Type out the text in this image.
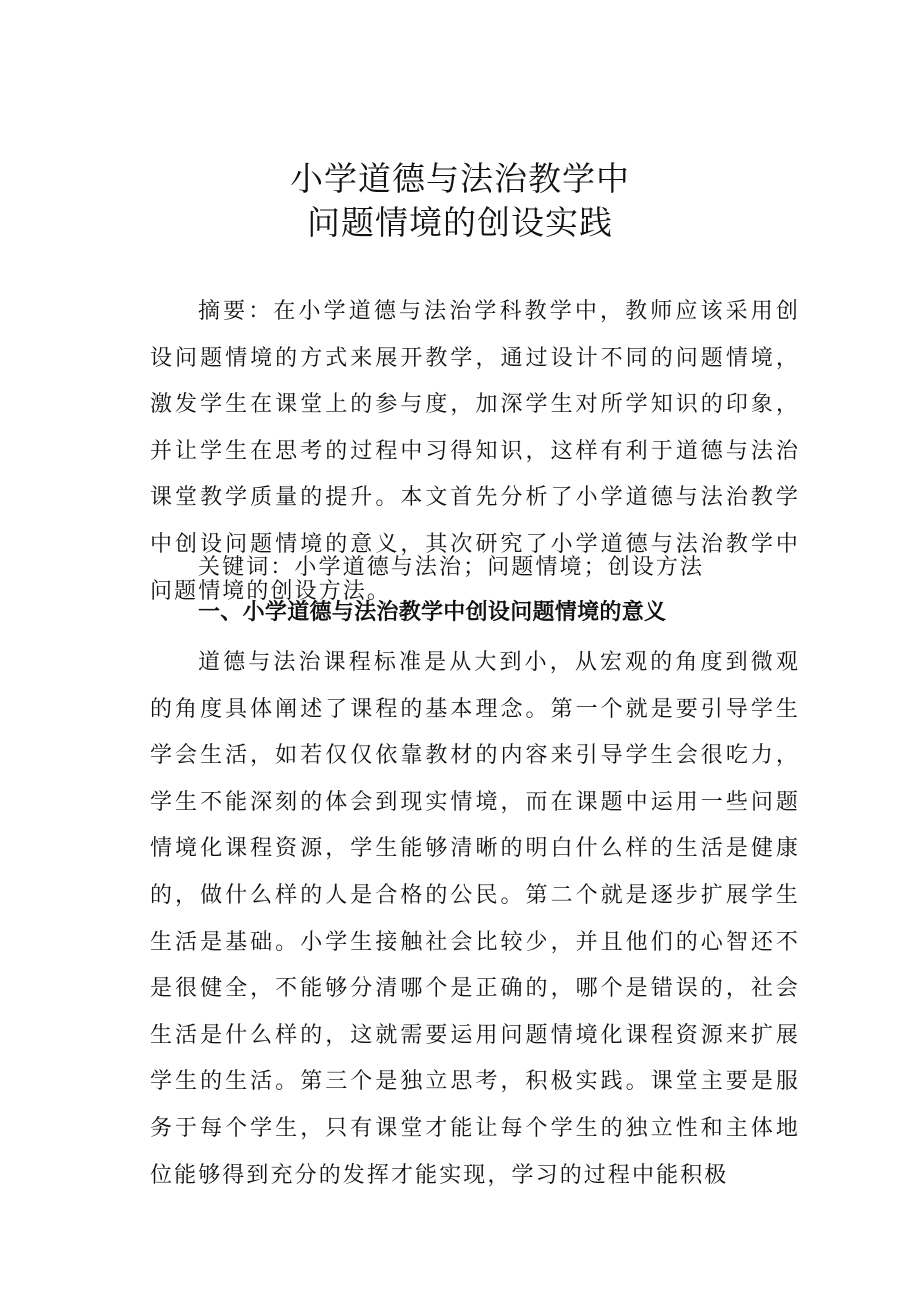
小学道德与法治教学中
问题情境的创设实践

摘要：在小学道德与法治学科教学中，教师应该采用创设问题情境的方式来展开教学，通过设计不同的问题情境，激发学生在课堂上的参与度，加深学生对所学知识的印象，并让学生在思考的过程中习得知识，这样有利于道德与法治课堂教学质量的提升。本文首先分析了小学道德与法治教学中创设问题情境的意义，其次研究了小学道德与法治教学中问题情境的创设方法。

关键词：小学道德与法治；问题情境；创设方法

一、小学道德与法治教学中创设问题情境的意义

道德与法治课程标准是从大到小，从宏观的角度到微观的角度具体阐述了课程的基本理念。第一个就是要引导学生学会生活，如若仅仅依靠教材的内容来引导学生会很吃力，学生不能深刻的体会到现实情境，而在课题中运用一些问题情境化课程资源，学生能够清晰的明白什么样的生活是健康的，做什么样的人是合格的公民。第二个就是逐步扩展学生生活是基础。小学生接触社会比较少，并且他们的心智还不是很健全，不能够分清哪个是正确的，哪个是错误的，社会生活是什么样的，这就需要运用问题情境化课程资源来扩展学生的生活。第三个是独立思考，积极实践。课堂主要是服务于每个学生，只有课堂才能让每个学生的独立性和主体地位能够得到充分的发挥才能实现，学习的过程中能积极
